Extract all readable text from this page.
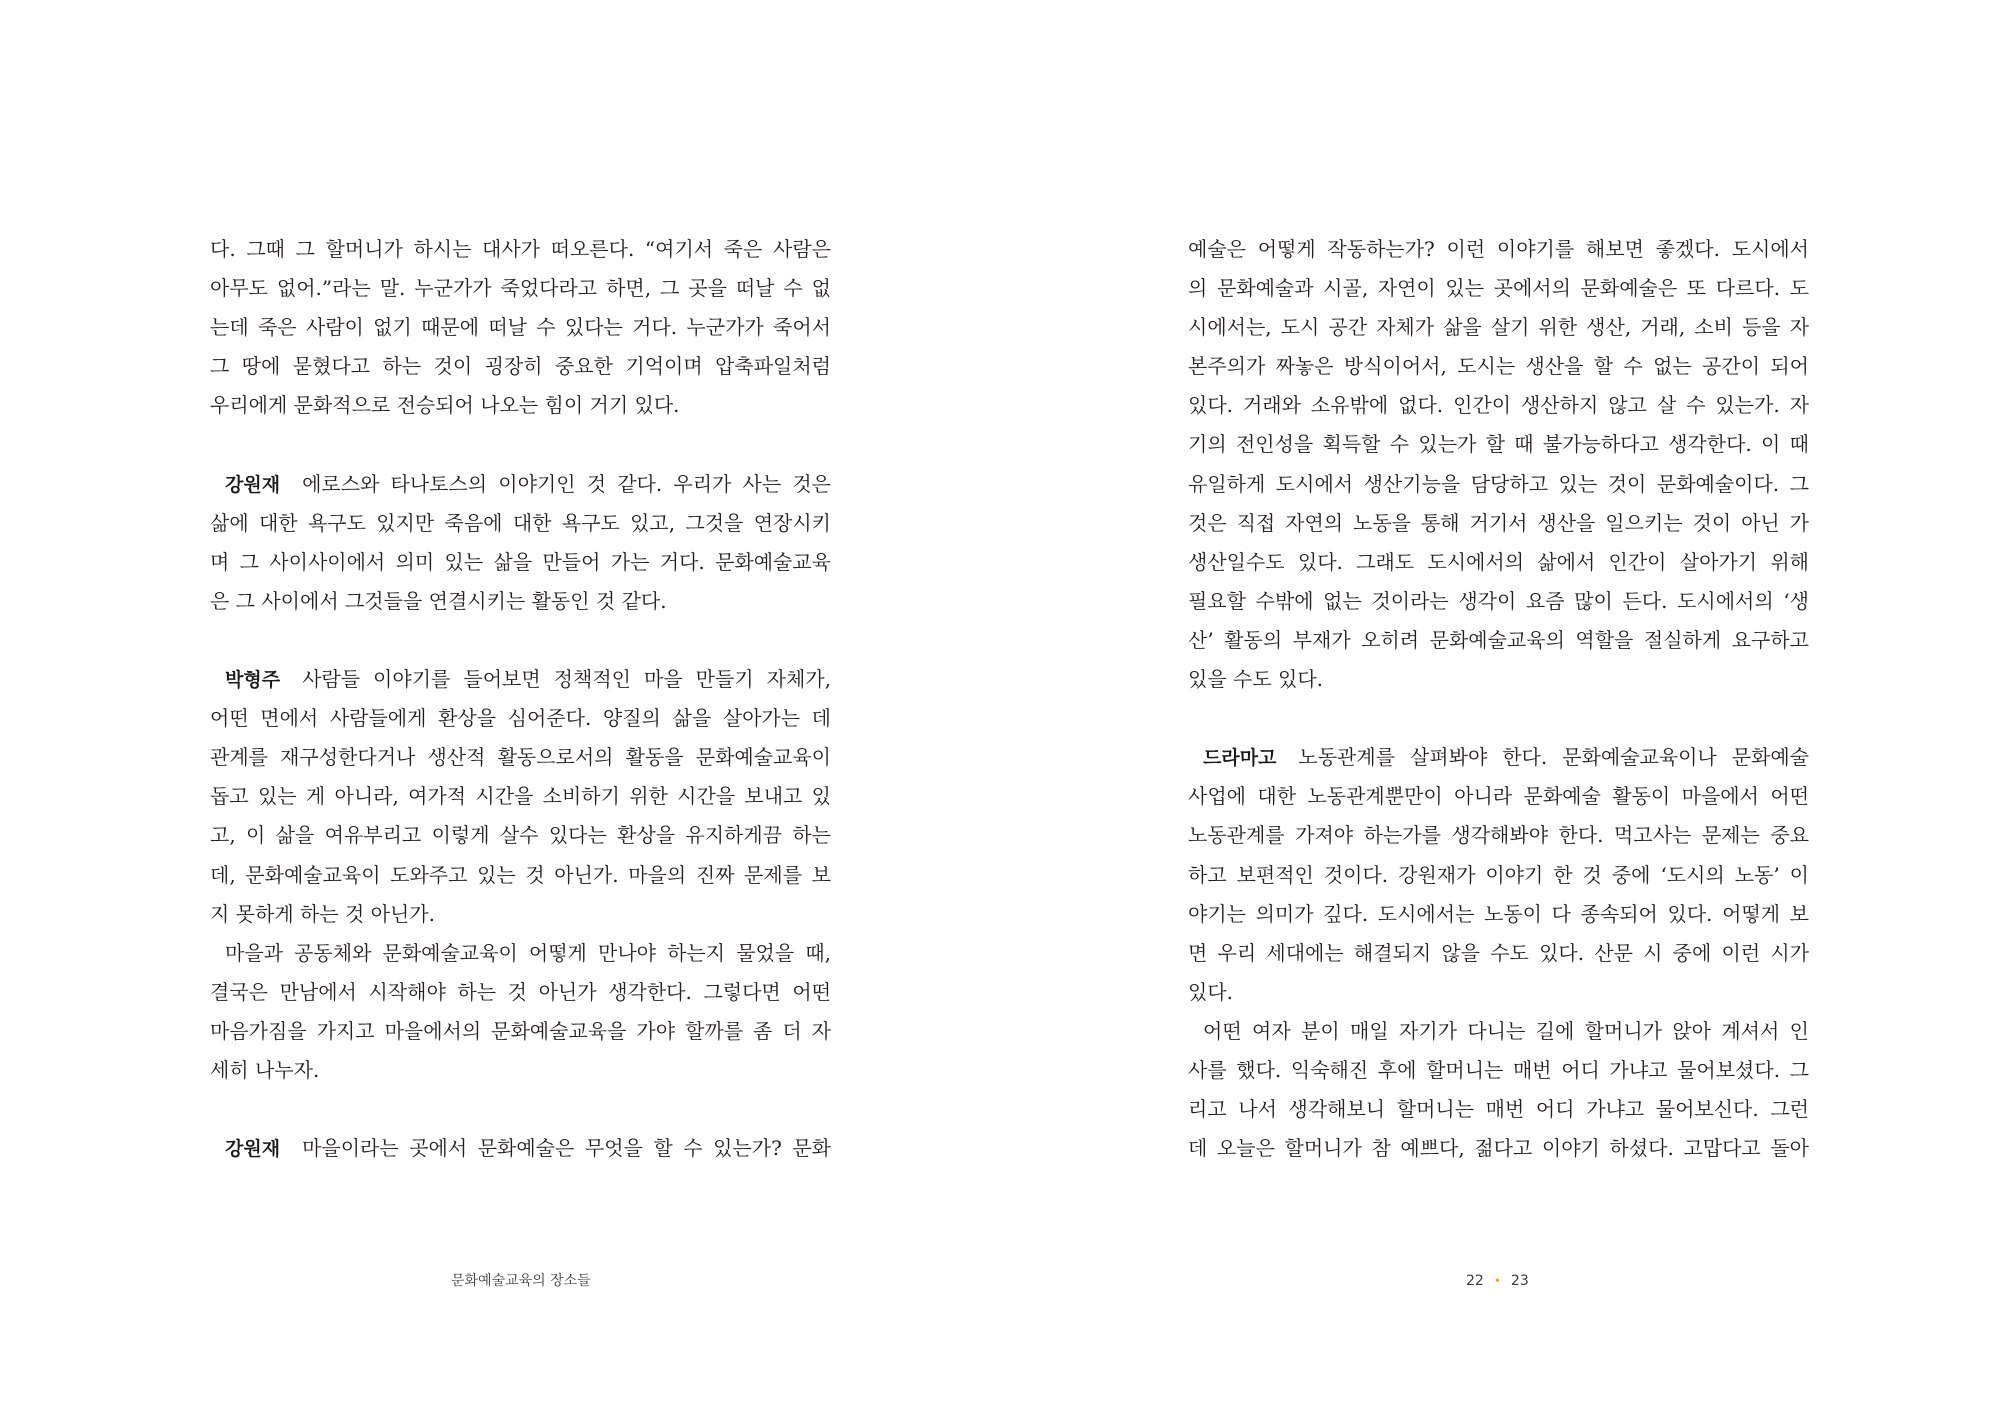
다. 그때 그 할머니가 하시는 대사가 떠오른다. “여기서 죽은 사람은
아무도 없어.”라는 말. 누군가가 죽었다라고 하면, 그 곳을 떠날 수 없
는데 죽은 사람이 없기 때문에 떠날 수 있다는 거다. 누군가가 죽어서
그 땅에 묻혔다고 하는 것이 굉장히 중요한 기억이며 압축파일처럼
우리에게 문화적으로 전승되어 나오는 힘이 거기 있다.
강원재 에로스와 타나토스의 이야기인 것 같다. 우리가 사는 것은
삶에 대한 욕구도 있지만 죽음에 대한 욕구도 있고, 그것을 연장시키
며 그 사이사이에서 의미 있는 삶을 만들어 가는 거다. 문화예술교육
은 그 사이에서 그것들을 연결시키는 활동인 것 같다.
박형주 사람들 이야기를 들어보면 정책적인 마을 만들기 자체가,
어떤 면에서 사람들에게 환상을 심어준다. 양질의 삶을 살아가는 데
관계를 재구성한다거나 생산적 활동으로서의 활동을 문화예술교육이
돕고 있는 게 아니라, 여가적 시간을 소비하기 위한 시간을 보내고 있
고, 이 삶을 여유부리고 이렇게 살수 있다는 환상을 유지하게끔 하는
데, 문화예술교육이 도와주고 있는 것 아닌가. 마을의 진짜 문제를 보
지 못하게 하는 것 아닌가.
마을과 공동체와 문화예술교육이 어떻게 만나야 하는지 물었을 때,
결국은 만남에서 시작해야 하는 것 아닌가 생각한다. 그렇다면 어떤
마음가짐을 가지고 마을에서의 문화예술교육을 가야 할까를 좀 더 자
세히 나누자.
강원재 마을이라는 곳에서 문화예술은 무엇을 할 수 있는가? 문화
문화예술교육의 장소들
예술은 어떻게 작동하는가? 이런 이야기를 해보면 좋겠다. 도시에서
의 문화예술과 시골, 자연이 있는 곳에서의 문화예술은 또 다르다. 도
시에서는, 도시 공간 자체가 삶을 살기 위한 생산, 거래, 소비 등을 자
본주의가 짜놓은 방식이어서, 도시는 생산을 할 수 없는 공간이 되어
있다. 거래와 소유밖에 없다. 인간이 생산하지 않고 살 수 있는가. 자
기의 전인성을 획득할 수 있는가 할 때 불가능하다고 생각한다. 이 때
유일하게 도시에서 생산기능을 담당하고 있는 것이 문화예술이다. 그
것은 직접 자연의 노동을 통해 거기서 생산을 일으키는 것이 아닌 가
생산일수도 있다. 그래도 도시에서의 삶에서 인간이 살아가기 위해
필요할 수밖에 없는 것이라는 생각이 요즘 많이 든다. 도시에서의 ‘생
산’ 활동의 부재가 오히려 문화예술교육의 역할을 절실하게 요구하고
있을 수도 있다.
드라마고 노동관계를 살펴봐야 한다. 문화예술교육이나 문화예술
사업에 대한 노동관계뿐만이 아니라 문화예술 활동이 마을에서 어떤
노동관계를 가져야 하는가를 생각해봐야 한다. 먹고사는 문제는 중요
하고 보편적인 것이다. 강원재가 이야기 한 것 중에 ‘도시의 노동’ 이
야기는 의미가 깊다. 도시에서는 노동이 다 종속되어 있다. 어떻게 보
면 우리 세대에는 해결되지 않을 수도 있다. 산문 시 중에 이런 시가
있다.
어떤 여자 분이 매일 자기가 다니는 길에 할머니가 앉아 계셔서 인
사를 했다. 익숙해진 후에 할머니는 매번 어디 가냐고 물어보셨다. 그
리고 나서 생각해보니 할머니는 매번 어디 가냐고 물어보신다. 그런
데 오늘은 할머니가 참 예쁘다, 젊다고 이야기 하셨다. 고맙다고 돌아
22 • 23
